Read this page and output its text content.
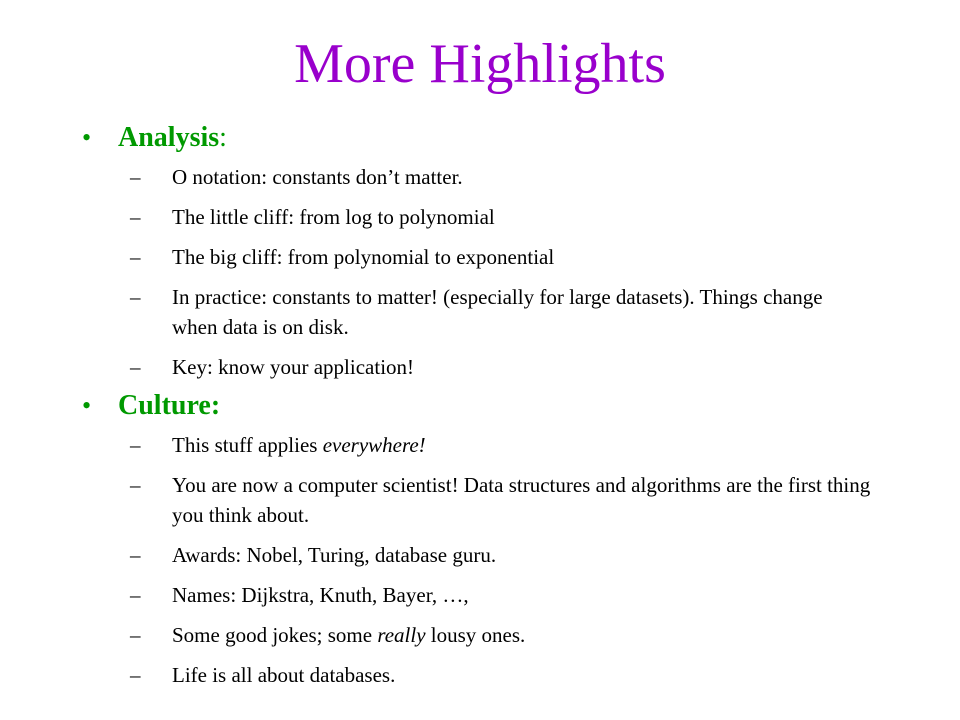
More Highlights
• Analysis:
–	O notation: constants don’t matter.
–	The little cliff: from log to polynomial
–	The big cliff: from polynomial to exponential
–	In practice: constants to matter! (especially for large datasets). Things change when data is on disk.
–	Key: know your application!
• Culture:
–	This stuff applies everywhere!
–	You are now a computer scientist! Data structures and algorithms are the first thing you think about.
–	Awards: Nobel, Turing, database guru.
–	Names: Dijkstra, Knuth, Bayer, …,
–	Some good jokes; some really lousy ones.
–	Life is all about databases.
